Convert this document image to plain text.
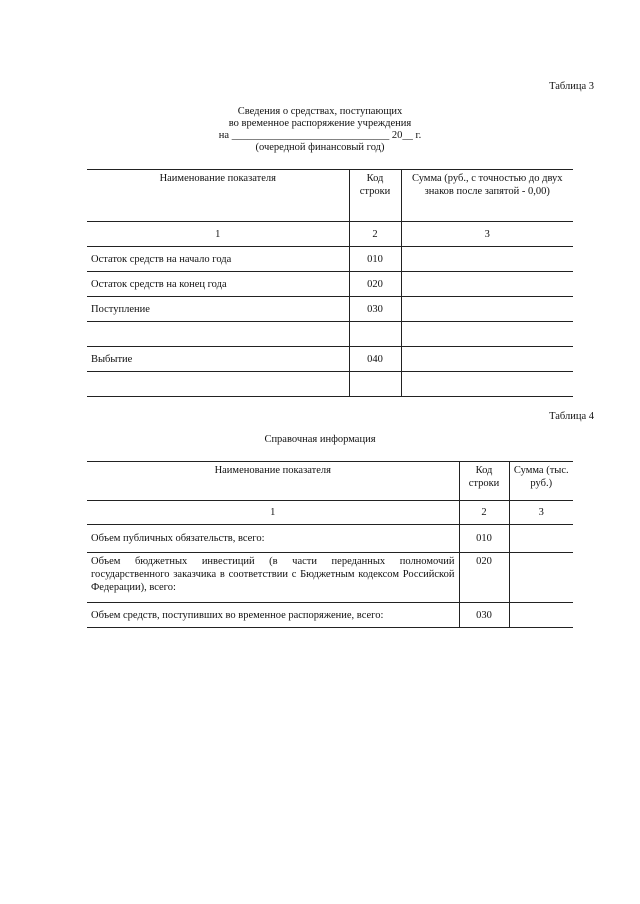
Таблица 3
Сведения о средствах, поступающих
во временное распоряжение учреждения
на ______________________________ 20__ г.
(очередной финансовый год)
Наименование показателя	Код строки	Сумма (руб., с точностью до двух знаков после запятой - 0,00)
1	2	3
Остаток средств на начало года	010	
Остаток средств на конец года	020	
Поступление	030	

Выбытие	040	

Таблица 4
Справочная информация
Наименование показателя	Код строки	Сумма (тыс. руб.)
1	2	3
Объем публичных обязательств, всего:	010	
Объем бюджетных инвестиций (в части переданных полномочий государственного заказчика в соответствии с Бюджетным кодексом Российской Федерации), всего:	020	
Объем средств, поступивших во временное распоряжение, всего:	030	
